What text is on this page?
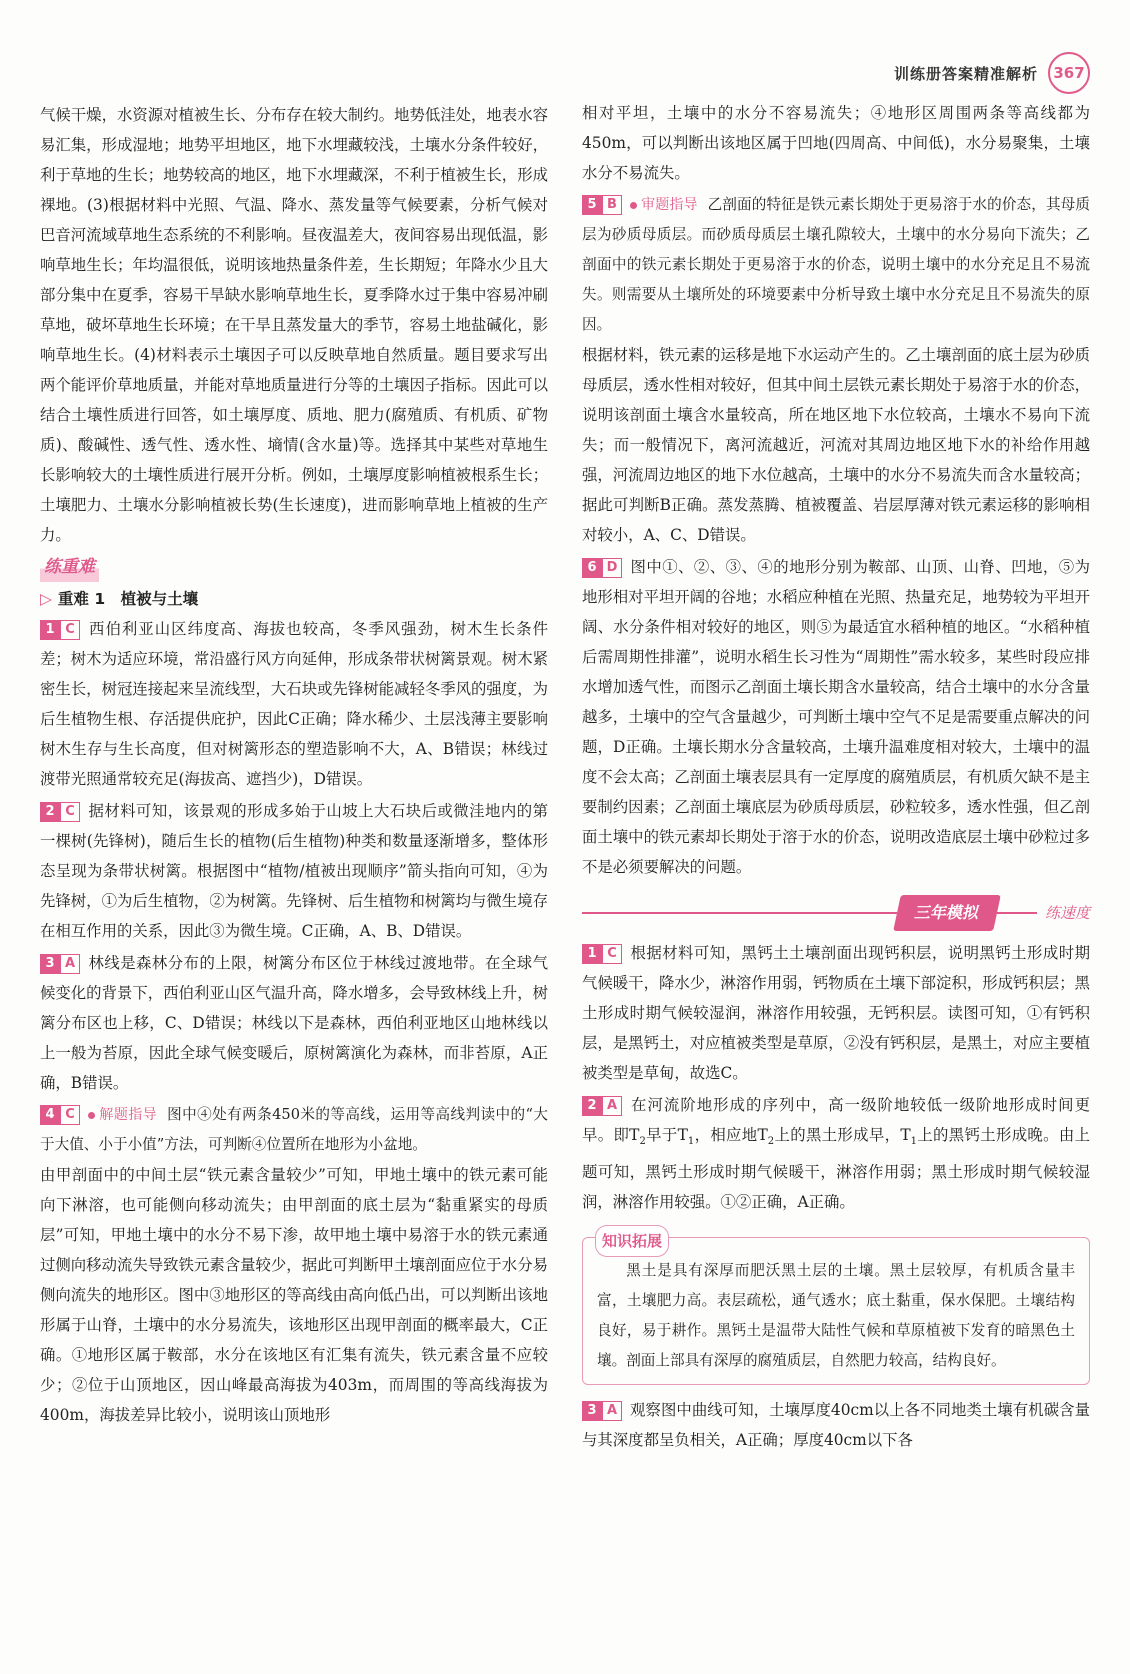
训练册答案精准解析	367

气候干燥，水资源对植被生长、分布存在较大制约。地势低洼处，地表水容易汇集，形成湿地；地势平坦地区，地下水埋藏较浅，土壤水分条件较好，利于草地的生长；地势较高的地区，地下水埋藏深，不利于植被生长，形成裸地。(3)根据材料中光照、气温、降水、蒸发量等气候要素，分析气候对巴音河流域草地生态系统的不利影响。昼夜温差大，夜间容易出现低温，影响草地生长；年均温很低，说明该地热量条件差，生长期短；年降水少且大部分集中在夏季，容易干旱缺水影响草地生长，夏季降水过于集中容易冲刷草地，破坏草地生长环境；在干旱且蒸发量大的季节，容易土地盐碱化，影响草地生长。(4)材料表示土壤因子可以反映草地自然质量。题目要求写出两个能评价草地质量，并能对草地质量进行分等的土壤因子指标。因此可以结合土壤性质进行回答，如土壤厚度、质地、肥力(腐殖质、有机质、矿物质)、酸碱性、透气性、透水性、墒情(含水量)等。选择其中某些对草地生长影响较大的土壤性质进行展开分析。例如，土壤厚度影响植被根系生长；土壤肥力、土壤水分影响植被长势(生长速度)，进而影响草地上植被的生产力。

练重难
▷ 重难 1　植被与土壤

1 C 西伯利亚山区纬度高、海拔也较高，冬季风强劲，树木生长条件差；树木为适应环境，常沿盛行风方向延伸，形成条带状树篱景观。树木紧密生长，树冠连接起来呈流线型，大石块或先锋树能减轻冬季风的强度，为后生植物生根、存活提供庇护，因此C正确；降水稀少、土层浅薄主要影响树木生存与生长高度，但对树篱形态的塑造影响不大，A、B错误；林线过渡带光照通常较充足(海拔高、遮挡少)，D错误。

2 C 据材料可知，该景观的形成多始于山坡上大石块后或微洼地内的第一棵树(先锋树)，随后生长的植物(后生植物)种类和数量逐渐增多，整体形态呈现为条带状树篱。根据图中“植物/植被出现顺序”箭头指向可知，④为先锋树，①为后生植物，②为树篱。先锋树、后生植物和树篱均与微生境存在相互作用的关系，因此③为微生境。C正确，A、B、D错误。

3 A 林线是森林分布的上限，树篱分布区位于林线过渡地带。在全球气候变化的背景下，西伯利亚山区气温升高，降水增多，会导致林线上升，树篱分布区也上移，C、D错误；林线以下是森林，西伯利亚地区山地林线以上一般为苔原，因此全球气候变暖后，原树篱演化为森林，而非苔原，A正确，B错误。

4 C	解题指导 图中④处有两条450米的等高线，运用等高线判读中的“大于大值、小于小值”方法，可判断④位置所在地形为小盆地。

由甲剖面中的中间土层“铁元素含量较少”可知，甲地土壤中的铁元素可能向下淋溶，也可能侧向移动流失；由甲剖面的底土层为“黏重紧实的母质层”可知，甲地土壤中的水分不易下渗，故甲地土壤中易溶于水的铁元素通过侧向移动流失导致铁元素含量较少，据此可判断甲土壤剖面应位于水分易侧向流失的地形区。图中③地形区的等高线由高向低凸出，可以判断出该地形属于山脊，土壤中的水分易流失，该地形区出现甲剖面的概率最大，C正确。①地形区属于鞍部，水分在该地区有汇集有流失，铁元素含量不应较少；②位于山顶地区，因山峰最高海拔为403m，而周围的等高线海拔为400m，海拔差异比较小，说明该山顶地形

相对平坦，土壤中的水分不容易流失；④地形区周围两条等高线都为450m，可以判断出该地区属于凹地(四周高、中间低)，水分易聚集，土壤水分不易流失。

5 B	审题指导 乙剖面的特征是铁元素长期处于更易溶于水的价态，其母质层为砂质母质层。而砂质母质层土壤孔隙较大，土壤中的水分易向下流失；乙剖面中的铁元素长期处于更易溶于水的价态，说明土壤中的水分充足且不易流失。则需要从土壤所处的环境要素中分析导致土壤中水分充足且不易流失的原因。

根据材料，铁元素的运移是地下水运动产生的。乙土壤剖面的底土层为砂质母质层，透水性相对较好，但其中间土层铁元素长期处于易溶于水的价态，说明该剖面土壤含水量较高，所在地区地下水位较高，土壤水不易向下流失；而一般情况下，离河流越近，河流对其周边地区地下水的补给作用越强，河流周边地区的地下水位越高，土壤中的水分不易流失而含水量较高；据此可判断B正确。蒸发蒸腾、植被覆盖、岩层厚薄对铁元素运移的影响相对较小，A、C、D错误。

6 D 图中①、②、③、④的地形分别为鞍部、山顶、山脊、凹地，⑤为地形相对平坦开阔的谷地；水稻应种植在光照、热量充足，地势较为平坦开阔、水分条件相对较好的地区，则⑤为最适宜水稻种植的地区。“水稻种植后需周期性排灌”，说明水稻生长习性为“周期性”需水较多，某些时段应排水增加透气性，而图示乙剖面土壤长期含水量较高，结合土壤中的水分含量越多，土壤中的空气含量越少，可判断土壤中空气不足是需要重点解决的问题，D正确。土壤长期水分含量较高，土壤升温难度相对较大，土壤中的温度不会太高；乙剖面土壤表层具有一定厚度的腐殖质层，有机质欠缺不是主要制约因素；乙剖面土壤底层为砂质母质层，砂粒较多，透水性强，但乙剖面土壤中的铁元素却长期处于溶于水的价态，说明改造底层土壤中砂粒过多不是必须要解决的问题。

三年模拟	练速度

1 C 根据材料可知，黑钙土土壤剖面出现钙积层，说明黑钙土形成时期气候暖干，降水少，淋溶作用弱，钙物质在土壤下部淀积，形成钙积层；黑土形成时期气候较湿润，淋溶作用较强，无钙积层。读图可知，①有钙积层，是黑钙土，对应植被类型是草原，②没有钙积层，是黑土，对应主要植被类型是草甸，故选C。

2 A 在河流阶地形成的序列中，高一级阶地较低一级阶地形成时间更早。即$T_2$早于$T_1$，相应地$T_2$上的黑土形成早，$T_1$上的黑钙土形成晚。由上题可知，黑钙土形成时期气候暖干，淋溶作用弱；黑土形成时期气候较湿润，淋溶作用较强。①②正确，A正确。

知识拓展

黑土是具有深厚而肥沃黑土层的土壤。黑土层较厚，有机质含量丰富，土壤肥力高。表层疏松，通气透水；底土黏重，保水保肥。土壤结构良好，易于耕作。黑钙土是温带大陆性气候和草原植被下发育的暗黑色土壤。剖面上部具有深厚的腐殖质层，自然肥力较高，结构良好。

3 A 观察图中曲线可知，土壤厚度40cm以上各不同地类土壤有机碳含量与其深度都呈负相关，A正确；厚度40cm以下各
